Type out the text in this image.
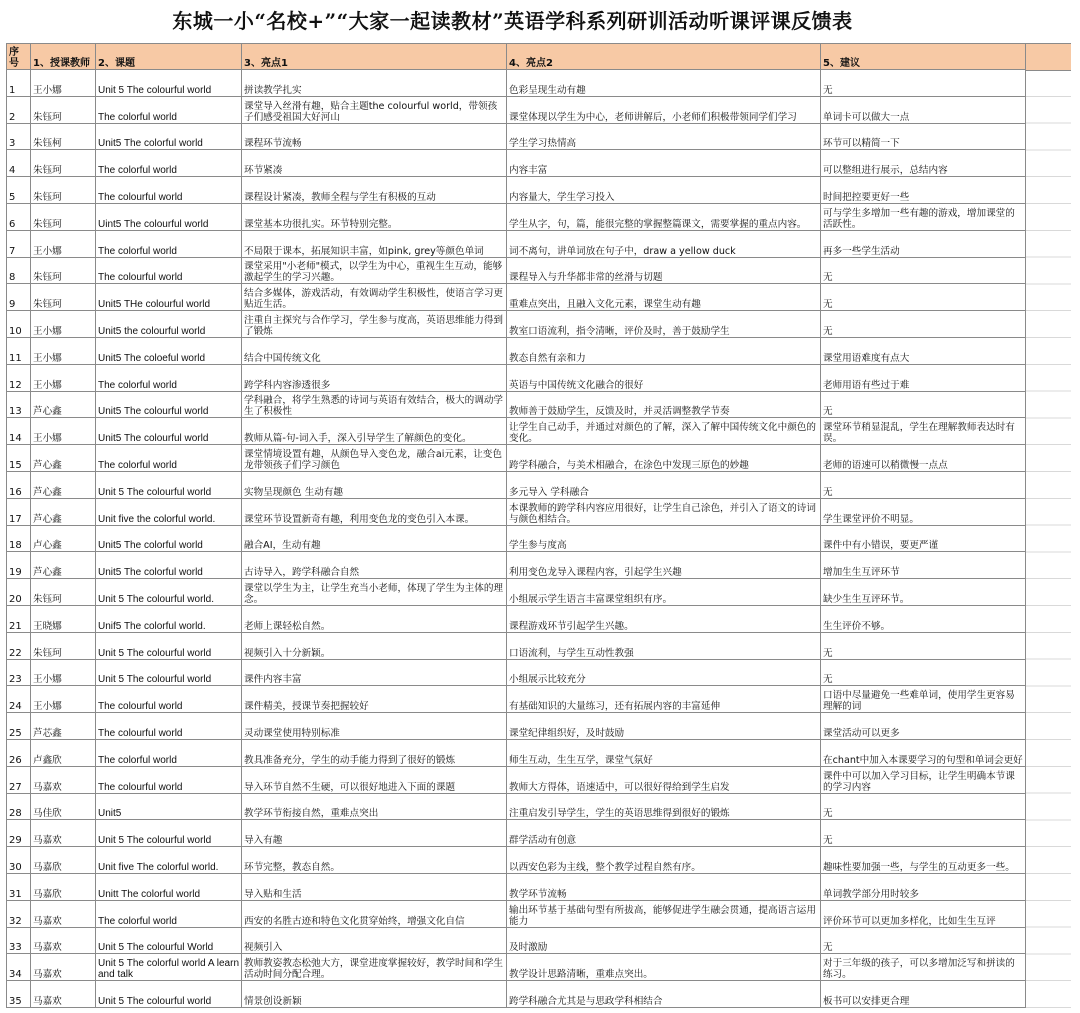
东城一小“名校+”“大家一起读教材”英语学科系列研训活动听课评课反馈表
序号	1、授课教师	2、课题	3、亮点1	4、亮点2	5、建议
1	王小娜	Unit 5 The colourful world	拼读教学扎实	色彩呈现生动有趣	无
2	朱钰珂	The colorful world	课堂导入丝滑有趣，贴合主题the colourful world，带领孩子们感受祖国大好河山	课堂体现以学生为中心，老师讲解后，小老师们积极带领同学们学习	单词卡可以做大一点
3	朱钰柯	Unit5 The colorful world	课程环节流畅	学生学习热情高	环节可以精简一下
4	朱钰珂	The colorful world	环节紧凑	内容丰富	可以整组进行展示，总结内容
5	朱钰珂	The colourful world	课程设计紧凑，教师全程与学生有积极的互动	内容量大，学生学习投入	时间把控要更好一些
6	朱钰珂	Uint5 The colourful world	课堂基本功很扎实。环节特别完整。	学生从字，句，篇，能很完整的掌握整篇课文，需要掌握的重点内容。	可与学生多增加一些有趣的游戏，增加课堂的活跃性。
7	王小娜	The colorful world	不局限于课本，拓展知识丰富，如pink, grey等颜色单词	词不离句，讲单词放在句子中，draw a yellow duck	再多一些学生活动
8	朱钰珂	The colourful world	课堂采用"小老师"模式，以学生为中心，重视生生互动，能够激起学生的学习兴趣。	课程导入与升华都非常的丝滑与切题	无
9	朱钰珂	Unit5 THe colourful world	结合多媒体，游戏活动，有效调动学生积极性，使语言学习更贴近生活。	重难点突出，且融入文化元素，课堂生动有趣	无
10	王小娜	Unit5 the colourful world	注重自主探究与合作学习，学生参与度高，英语思维能力得到了锻炼	教室口语流利，指令清晰，评价及时，善于鼓励学生	无
11	王小娜	Unit5 The coloeful world	结合中国传统文化	教态自然有亲和力	课堂用语难度有点大
12	王小娜	The colorful world	跨学科内容渗透很多	英语与中国传统文化融合的很好	老师用语有些过于难
13	芦心鑫	Unit5 The colourful world	学科融合，将学生熟悉的诗词与英语有效结合，极大的调动学生了积极性	教师善于鼓励学生，反馈及时，并灵活调整教学节奏	无
14	王小娜	Unit5 The colourful world	教师从篇-句-词入手，深入引导学生了解颜色的变化。	让学生自己动手，并通过对颜色的了解，深入了解中国传统文化中颜色的变化。	课堂环节稍显混乱，学生在理解教师表达时有误。
15	芦心鑫	The colorful world	课堂情境设置有趣，从颜色导入变色龙，融合ai元素，让变色龙带领孩子们学习颜色	跨学科融合，与美术相融合，在涂色中发现三原色的妙趣	老师的语速可以稍微慢一点点
16	芦心鑫	Unit 5 The colourful world	实物呈现颜色 生动有趣	多元导入 学科融合	无
17	芦心鑫	Unit five the colorful world.	课堂环节设置新奇有趣，利用变色龙的变色引入本课。	本课教师的跨学科内容应用很好，让学生自己涂色，并引入了语文的诗词与颜色相结合。	学生课堂评价不明显。
18	卢心鑫	Unit5 The colorful world	融合AI，生动有趣	学生参与度高	课件中有小错误，要更严谨
19	芦心鑫	Unit5 The colorful world	古诗导入，跨学科融合自然	利用变色龙导入课程内容，引起学生兴趣	增加生生互评环节
20	朱钰珂	Unit 5 The colourful world.	课堂以学生为主，让学生充当小老师，体现了学生为主体的理念。	小组展示学生语言丰富课堂组织有序。	缺少生生互评环节。
21	王晓娜	Unif5 The colorful world.	老师上课轻松自然。	课程游戏环节引起学生兴趣。	生生评价不够。
22	朱钰珂	Unit 5 The colourful world	视频引入十分新颖。	口语流利，与学生互动性教强	无
23	王小娜	Unit 5 The colourful world	课件内容丰富	小组展示比较充分	无
24	王小娜	The colourful world	课件精美，授课节奏把握较好	有基础知识的大量练习，还有拓展内容的丰富延伸	口语中尽量避免一些难单词，使用学生更容易理解的词
25	芦芯鑫	The colourful world	灵动课堂使用特别标准	课堂纪律组织好，及时鼓励	课堂活动可以更多
26	卢鑫欣	The colorful world	教具准备充分，学生的动手能力得到了很好的锻炼	师生互动，生生互学，课堂气氛好	在chant中加入本课要学习的句型和单词会更好
27	马嘉欢	The colourful world	导入环节自然不生硬，可以很好地进入下面的课题	教师大方得体，语速适中，可以很好得给到学生启发	课件中可以加入学习目标，让学生明确本节课的学习内容
28	马佳欣	Unit5	教学环节衔接自然，重难点突出	注重启发引导学生，学生的英语思维得到很好的锻炼	无
29	马嘉欢	Unit 5 The colourful world	导入有趣	群学活动有创意	无
30	马嘉欣	Unit five The colorful world.	环节完整，教态自然。	以西安色彩为主线，整个教学过程自然有序。	趣味性要加强一些，与学生的互动更多一些。
31	马嘉欣	Unitt The colorful world	导入贴和生活	教学环节流畅	单词教学部分用时较多
32	马嘉欢	The colorful world	西安的名胜古迹和特色文化贯穿始终，增强文化自信	输出环节基于基础句型有所拔高，能够促进学生融会贯通，提高语言运用能力	评价环节可以更加多样化，比如生生互评
33	马嘉欢	Unit 5 The colourful World	视频引入	及时激励	无
34	马嘉欢	Unit 5 The colorful world A learn and talk	教师教姿教态松弛大方，课堂进度掌握较好，教学时间和学生活动时间分配合理。	教学设计思路清晰，重难点突出。	对于三年级的孩子，可以多增加泛写和拼读的练习。
35	马嘉欢	Unit 5 The colourful world	情景创设新颖	跨学科融合尤其是与思政学科相结合	板书可以安排更合理
